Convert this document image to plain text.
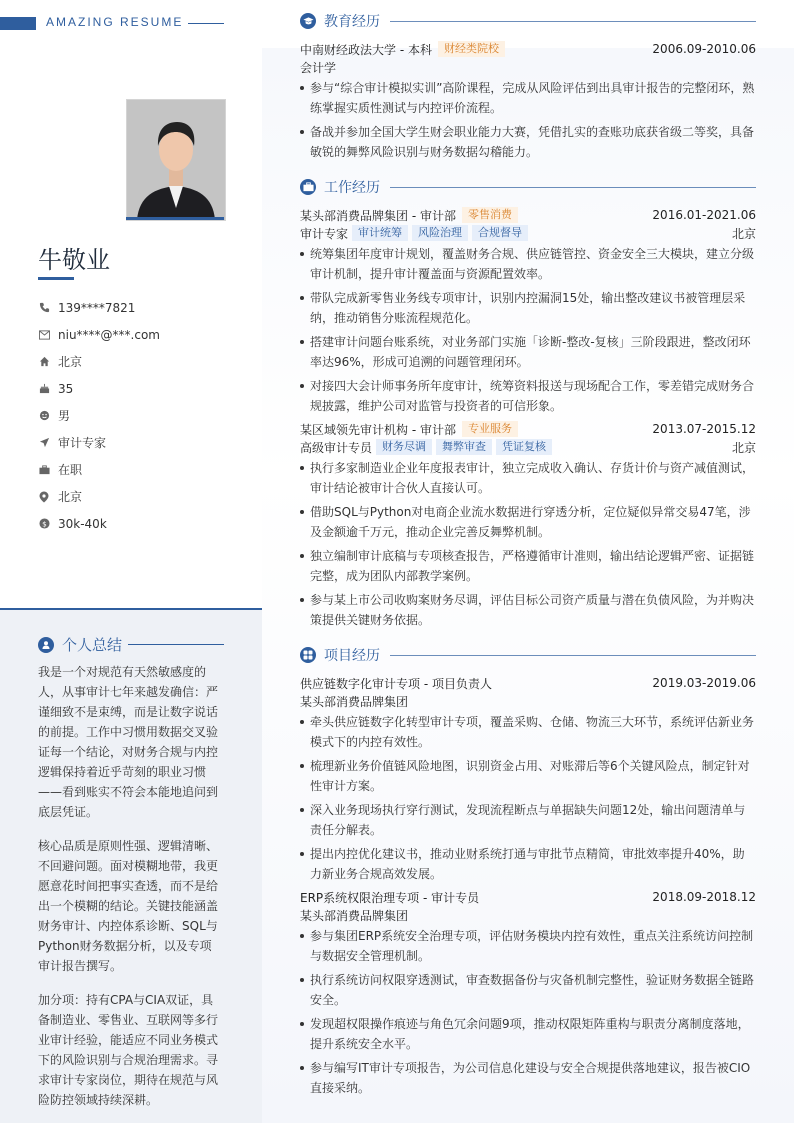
AMAZING RESUME
牛敬业
139****7821
niu****@***.com
北京
35
男
审计专家
在职
北京
$ 30k-40k
个人总结

我是一个对规范有天然敏感度的人，从事审计七年来越发确信：严谨细致不是束缚，而是让数字说话的前提。工作中习惯用数据交叉验证每一个结论，对财务合规与内控逻辑保持着近乎苛刻的职业习惯——看到账实不符会本能地追问到底层凭证。

核心品质是原则性强、逻辑清晰、不回避问题。面对模糊地带，我更愿意花时间把事实查透，而不是给出一个模糊的结论。关键技能涵盖财务审计、内控体系诊断、SQL与Python财务数据分析，以及专项审计报告撰写。

加分项：持有CPA与CIA双证，具备制造业、零售业、互联网等多行业审计经验，能适应不同业务模式下的风险识别与合规治理需求。寻求审计专家岗位，期待在规范与风险防控领域持续深耕。

教育经历
中南财经政法大学 - 本科	财经类院校	2006.09-2010.06
会计学
参与“综合审计模拟实训”高阶课程，完成从风险评估到出具审计报告的完整闭环，熟练掌握实质性测试与内控评价流程。
备战并参加全国大学生财会职业能力大赛，凭借扎实的查账功底获省级二等奖，具备敏锐的舞弊风险识别与财务数据勾稽能力。
工作经历
某头部消费品牌集团 - 审计部	零售消费	2016.01-2021.06
审计专家 审计统筹	风险治理	合规督导	北京
统筹集团年度审计规划，覆盖财务合规、供应链管控、资金安全三大模块，建立分级审计机制，提升审计覆盖面与资源配置效率。
带队完成新零售业务线专项审计，识别内控漏洞15处，输出整改建议书被管理层采纳，推动销售分账流程规范化。
搭建审计问题台账系统，对业务部门实施「诊断-整改-复核」三阶段跟进，整改闭环率达96%，形成可追溯的问题管理闭环。
对接四大会计师事务所年度审计，统筹资料报送与现场配合工作，零差错完成财务合规披露，维护公司对监管与投资者的可信形象。
某区域领先审计机构 - 审计部	专业服务	2013.07-2015.12
高级审计专员 财务尽调	舞弊审查	凭证复核	北京
执行多家制造业企业年度报表审计，独立完成收入确认、存货计价与资产减值测试，审计结论被审计合伙人直接认可。
借助SQL与Python对电商企业流水数据进行穿透分析，定位疑似异常交易47笔，涉及金额逾千万元，推动企业完善反舞弊机制。
独立编制审计底稿与专项核查报告，严格遵循审计准则，输出结论逻辑严密、证据链完整，成为团队内部教学案例。
参与某上市公司收购案财务尽调，评估目标公司资产质量与潜在负债风险，为并购决策提供关键财务依据。
项目经历
供应链数字化审计专项 - 项目负责人	2019.03-2019.06
某头部消费品牌集团
牵头供应链数字化转型审计专项，覆盖采购、仓储、物流三大环节，系统评估新业务模式下的内控有效性。
梳理新业务价值链风险地图，识别资金占用、对账滞后等6个关键风险点，制定针对性审计方案。
深入业务现场执行穿行测试，发现流程断点与单据缺失问题12处，输出问题清单与责任分解表。
提出内控优化建议书，推动业财系统打通与审批节点精简，审批效率提升40%，助力新业务合规高效发展。
ERP系统权限治理专项 - 审计专员	2018.09-2018.12
某头部消费品牌集团
参与集团ERP系统安全治理专项，评估财务模块内控有效性，重点关注系统访问控制与数据安全管理机制。
执行系统访问权限穿透测试，审查数据备份与灾备机制完整性，验证财务数据全链路安全。
发现超权限操作痕迹与角色冗余问题9项，推动权限矩阵重构与职责分离制度落地，提升系统安全水平。
参与编写IT审计专项报告，为公司信息化建设与安全合规提供落地建议，报告被CIO直接采纳。
